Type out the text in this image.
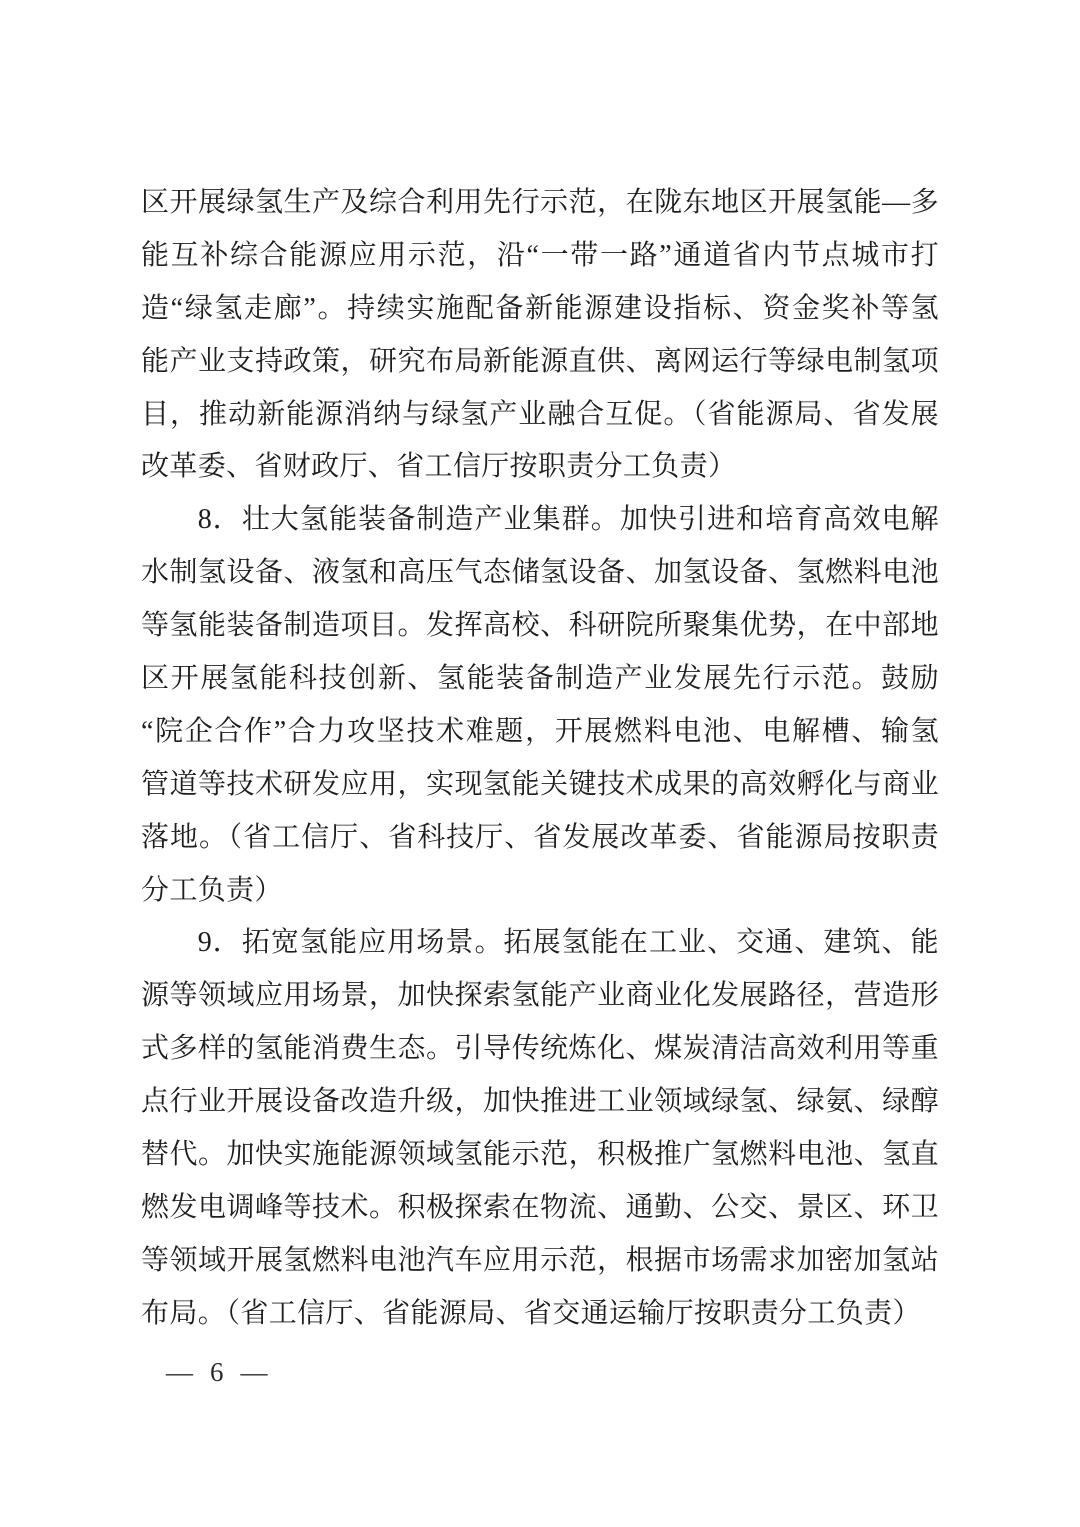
区开展绿氢生产及综合利用先行示范，在陇东地区开展氢能—多

能互补综合能源应用示范，沿“一带一路”通道省内节点城市打

造“绿氢走廊”。持续实施配备新能源建设指标、资金奖补等氢

能产业支持政策，研究布局新能源直供、离网运行等绿电制氢项

目，推动新能源消纳与绿氢产业融合互促。（省能源局、省发展

改革委、省财政厅、省工信厅按职责分工负责）

8．壮大氢能装备制造产业集群。加快引进和培育高效电解

水制氢设备、液氢和高压气态储氢设备、加氢设备、氢燃料电池

等氢能装备制造项目。发挥高校、科研院所聚集优势，在中部地

区开展氢能科技创新、氢能装备制造产业发展先行示范。鼓励

“院企合作”合力攻坚技术难题，开展燃料电池、电解槽、输氢

管道等技术研发应用，实现氢能关键技术成果的高效孵化与商业

落地。（省工信厅、省科技厅、省发展改革委、省能源局按职责

分工负责）

9．拓宽氢能应用场景。拓展氢能在工业、交通、建筑、能

源等领域应用场景，加快探索氢能产业商业化发展路径，营造形

式多样的氢能消费生态。引导传统炼化、煤炭清洁高效利用等重

点行业开展设备改造升级，加快推进工业领域绿氢、绿氨、绿醇

替代。加快实施能源领域氢能示范，积极推广氢燃料电池、氢直

燃发电调峰等技术。积极探索在物流、通勤、公交、景区、环卫

等领域开展氢燃料电池汽车应用示范，根据市场需求加密加氢站

布局。（省工信厅、省能源局、省交通运输厅按职责分工负责）

— 6 —
